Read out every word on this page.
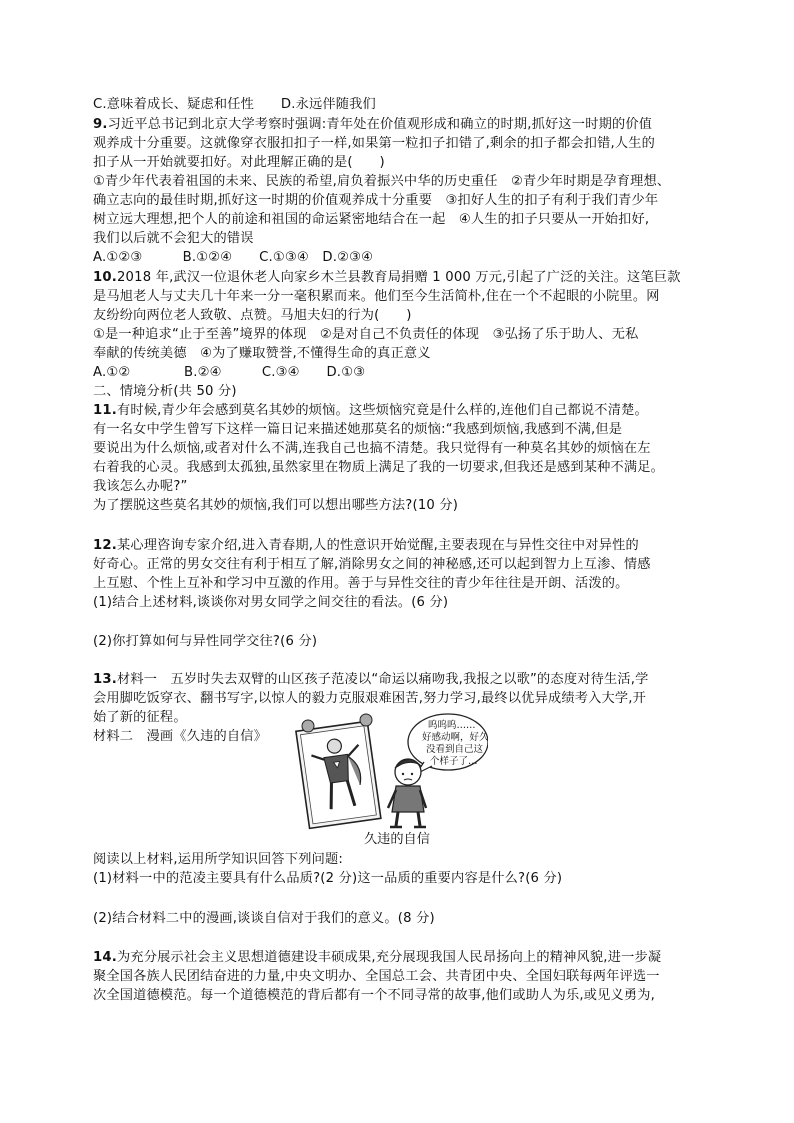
C.意味着成长、疑虑和任性　　D.永远伴随我们
9.习近平总书记到北京大学考察时强调:青年处在价值观形成和确立的时期,抓好这一时期的价值
观养成十分重要。这就像穿衣服扣扣子一样,如果第一粒扣子扣错了,剩余的扣子都会扣错,人生的
扣子从一开始就要扣好。对此理解正确的是(　　)
①青少年代表着祖国的未来、民族的希望,肩负着振兴中华的历史重任　②青少年时期是孕育理想、
确立志向的最佳时期,抓好这一时期的价值观养成十分重要　③扣好人生的扣子有利于我们青少年
树立远大理想,把个人的前途和祖国的命运紧密地结合在一起　④人生的扣子只要从一开始扣好,
我们以后就不会犯大的错误
A.①②③　　　B.①②④　　C.①③④　D.②③④
10.2018 年,武汉一位退休老人向家乡木兰县教育局捐赠 1 000 万元,引起了广泛的关注。这笔巨款
是马旭老人与丈夫几十年来一分一毫积累而来。他们至今生活简朴,住在一个不起眼的小院里。网
友纷纷向两位老人致敬、点赞。马旭夫妇的行为(　　)
①是一种追求“止于至善”境界的体现　②是对自己不负责任的体现　③弘扬了乐于助人、无私
奉献的传统美德　④为了赚取赞誉,不懂得生命的真正意义
A.①②　　　　B.②④　　　C.③④　　D.①③
二、情境分析(共 50 分)
11.有时候,青少年会感到莫名其妙的烦恼。这些烦恼究竟是什么样的,连他们自己都说不清楚。
有一名女中学生曾写下这样一篇日记来描述她那莫名的烦恼:“我感到烦恼,我感到不满,但是
要说出为什么烦恼,或者对什么不满,连我自己也搞不清楚。我只觉得有一种莫名其妙的烦恼在左
右着我的心灵。我感到太孤独,虽然家里在物质上满足了我的一切要求,但我还是感到某种不满足。
我该怎么办呢?”
为了摆脱这些莫名其妙的烦恼,我们可以想出哪些方法?(10 分)
12.某心理咨询专家介绍,进入青春期,人的性意识开始觉醒,主要表现在与异性交往中对异性的
好奇心。正常的男女交往有利于相互了解,消除男女之间的神秘感,还可以起到智力上互渗、情感
上互慰、个性上互补和学习中互激的作用。善于与异性交往的青少年往往是开朗、活泼的。
(1)结合上述材料,谈谈你对男女同学之间交往的看法。(6 分)
(2)你打算如何与异性同学交往?(6 分)
13.材料一　五岁时失去双臂的山区孩子范凌以“命运以痛吻我,我报之以歌”的态度对待生活,学
会用脚吃饭穿衣、翻书写字,以惊人的毅力克服艰难困苦,努力学习,最终以优异成绩考入大学,开
始了新的征程。
材料二　漫画《久违的自信》
呜呜呜……
好感动啊，好久
没看到自己这
个样子了…
久违的自信
阅读以上材料,运用所学知识回答下列问题:
(1)材料一中的范凌主要具有什么品质?(2 分)这一品质的重要内容是什么?(6 分)
(2)结合材料二中的漫画,谈谈自信对于我们的意义。(8 分)
14.为充分展示社会主义思想道德建设丰硕成果,充分展现我国人民昂扬向上的精神风貌,进一步凝
聚全国各族人民团结奋进的力量,中央文明办、全国总工会、共青团中央、全国妇联每两年评选一
次全国道德模范。每一个道德模范的背后都有一个不同寻常的故事,他们或助人为乐,或见义勇为,
